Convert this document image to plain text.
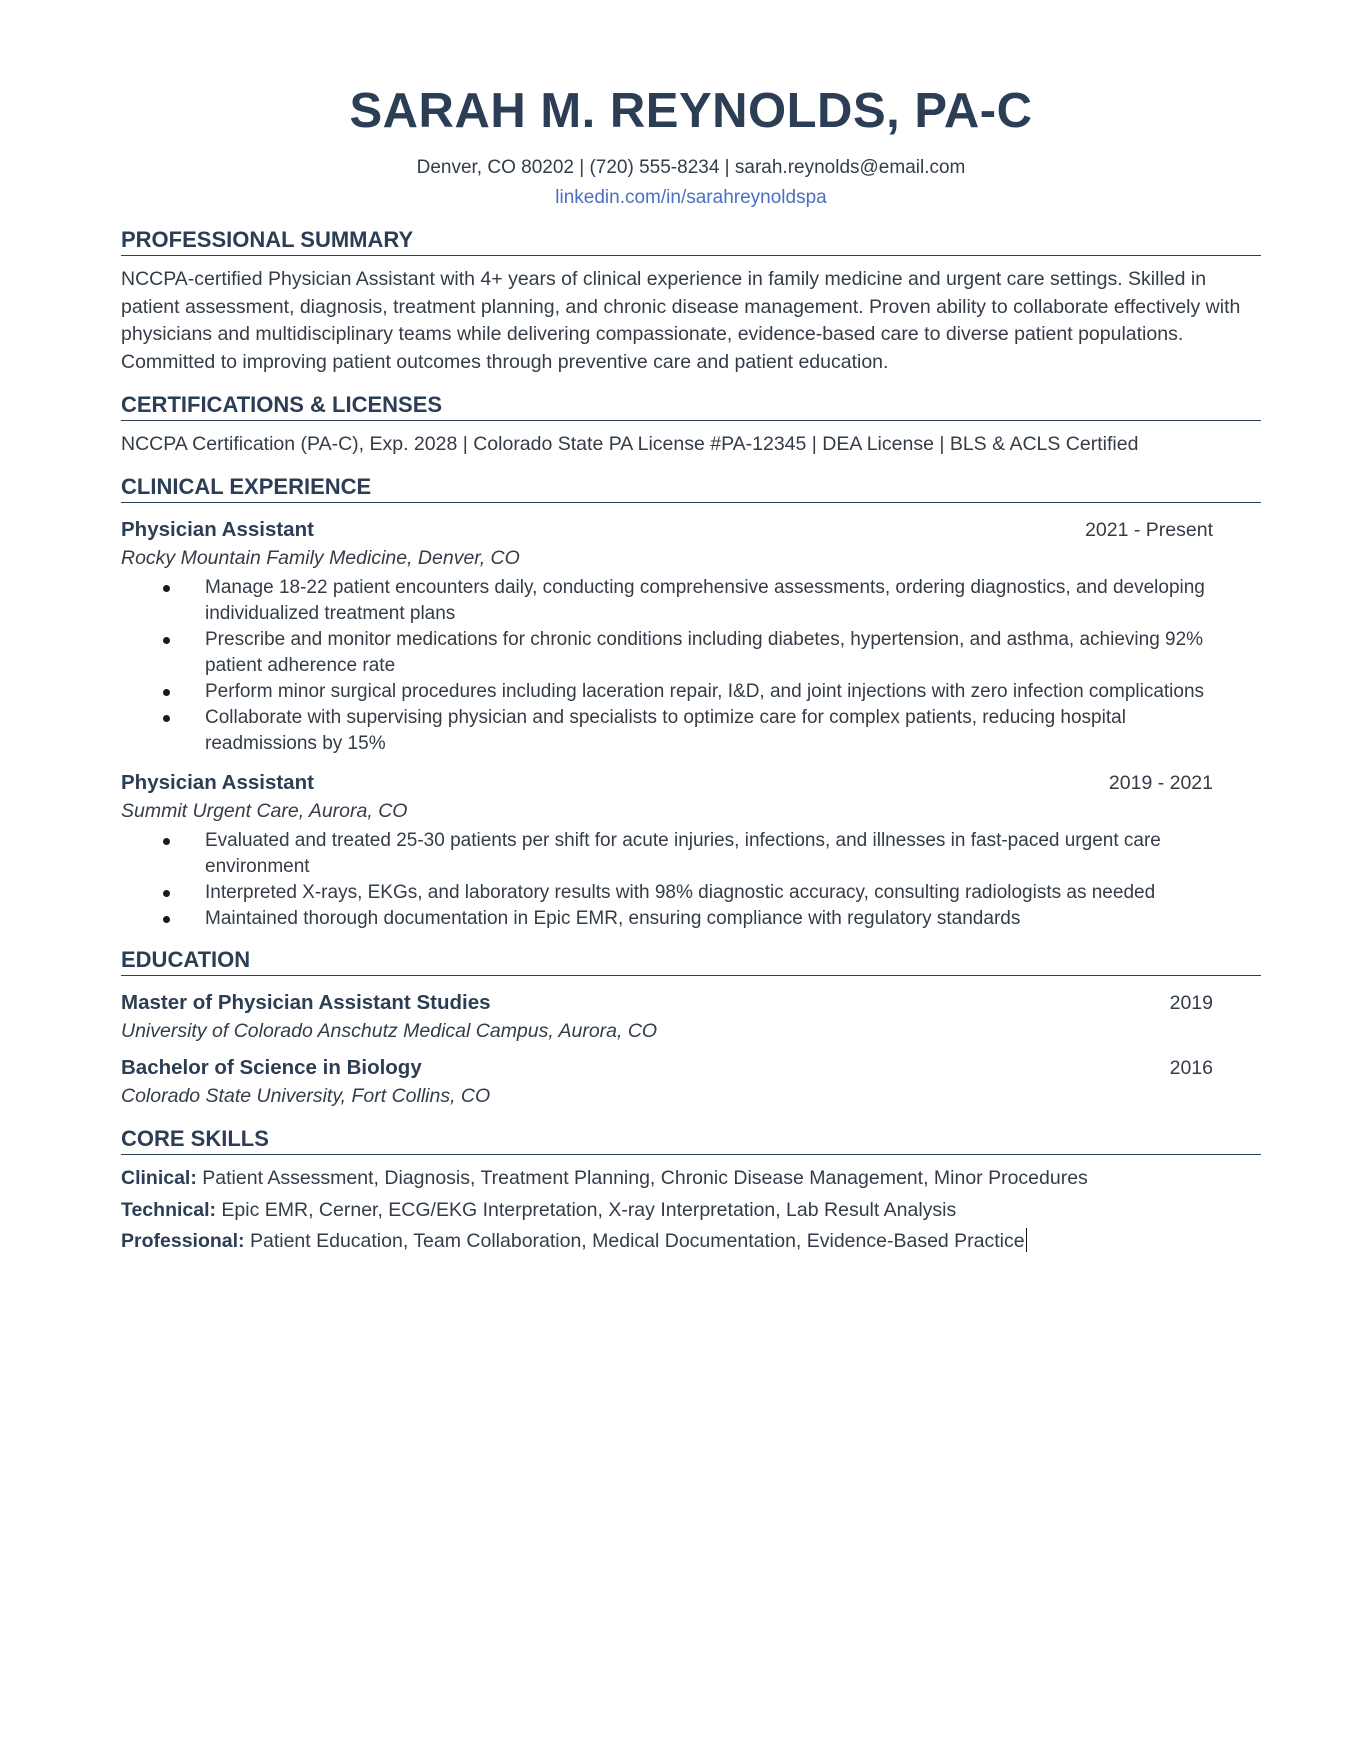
SARAH M. REYNOLDS, PA-C
Denver, CO 80202 | (720) 555-8234 | sarah.reynolds@email.com
linkedin.com/in/sarahreynoldspa
PROFESSIONAL SUMMARY
NCCPA-certified Physician Assistant with 4+ years of clinical experience in family medicine and urgent care settings. Skilled in patient assessment, diagnosis, treatment planning, and chronic disease management. Proven ability to collaborate effectively with physicians and multidisciplinary teams while delivering compassionate, evidence-based care to diverse patient populations. Committed to improving patient outcomes through preventive care and patient education.
CERTIFICATIONS & LICENSES
NCCPA Certification (PA-C), Exp. 2028 | Colorado State PA License #PA-12345 | DEA License | BLS & ACLS Certified
CLINICAL EXPERIENCE
Physician Assistant	2021 - Present
Rocky Mountain Family Medicine, Denver, CO
Manage 18-22 patient encounters daily, conducting comprehensive assessments, ordering diagnostics, and developing individualized treatment plans
Prescribe and monitor medications for chronic conditions including diabetes, hypertension, and asthma, achieving 92% patient adherence rate
Perform minor surgical procedures including laceration repair, I&D, and joint injections with zero infection complications
Collaborate with supervising physician and specialists to optimize care for complex patients, reducing hospital readmissions by 15%
Physician Assistant	2019 - 2021
Summit Urgent Care, Aurora, CO
Evaluated and treated 25-30 patients per shift for acute injuries, infections, and illnesses in fast-paced urgent care environment
Interpreted X-rays, EKGs, and laboratory results with 98% diagnostic accuracy, consulting radiologists as needed
Maintained thorough documentation in Epic EMR, ensuring compliance with regulatory standards
EDUCATION
Master of Physician Assistant Studies	2019
University of Colorado Anschutz Medical Campus, Aurora, CO
Bachelor of Science in Biology	2016
Colorado State University, Fort Collins, CO
CORE SKILLS
Clinical: Patient Assessment, Diagnosis, Treatment Planning, Chronic Disease Management, Minor Procedures
Technical: Epic EMR, Cerner, ECG/EKG Interpretation, X-ray Interpretation, Lab Result Analysis
Professional: Patient Education, Team Collaboration, Medical Documentation, Evidence-Based Practice
